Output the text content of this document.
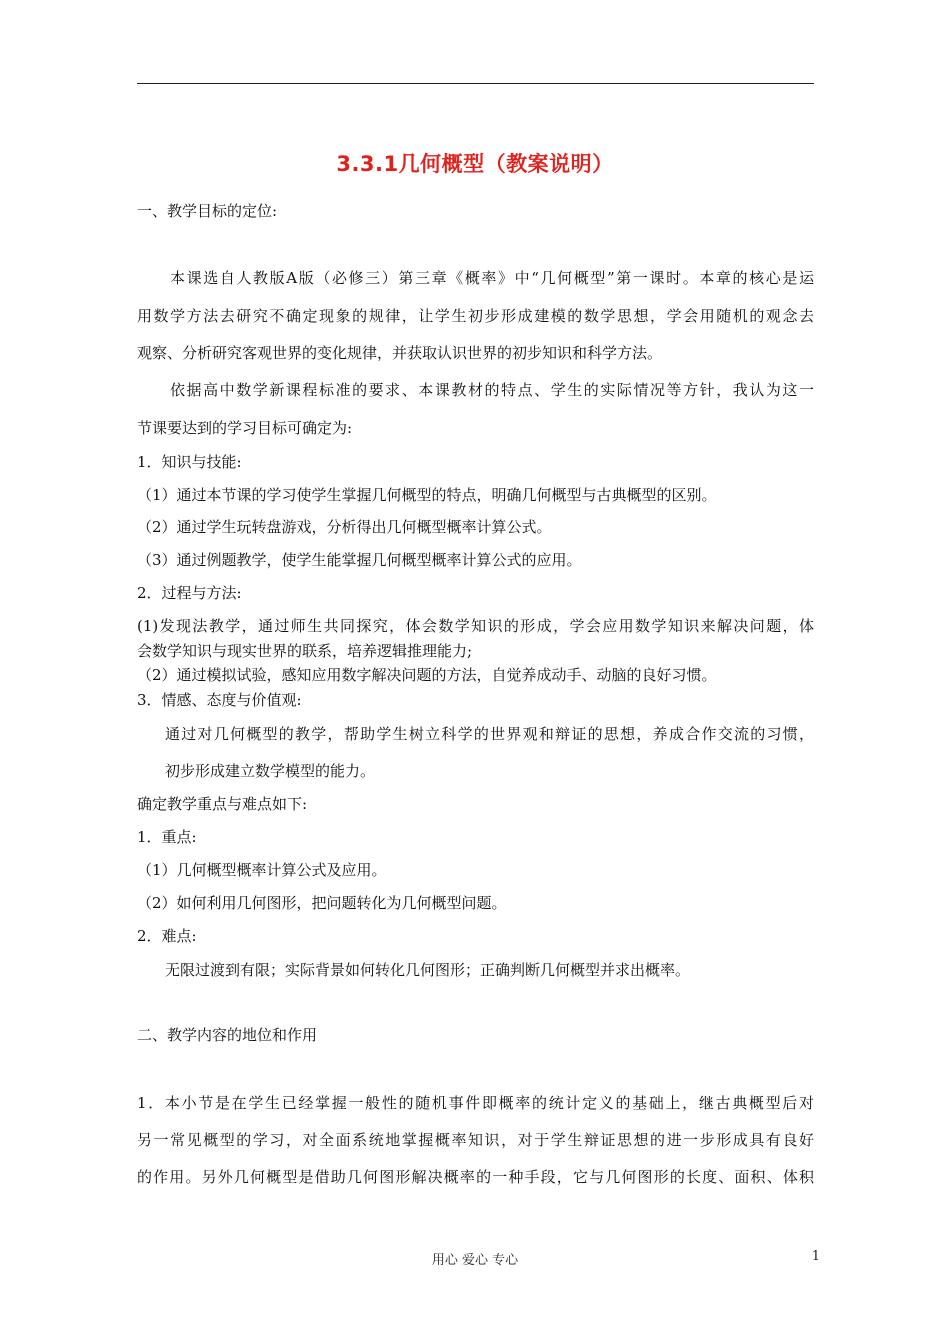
3.3.1几何概型（教案说明）
一、教学目标的定位:
本课选自人教版A版（必修三）第三章《概率》中“几何概型”第一课时。本章的核心是运
用数学方法去研究不确定现象的规律，让学生初步形成建模的数学思想，学会用随机的观念去
观察、分析研究客观世界的变化规律，并获取认识世界的初步知识和科学方法。
依据高中数学新课程标准的要求、本课教材的特点、学生的实际情况等方针，我认为这一
节课要达到的学习目标可确定为:
1．知识与技能:
（1）通过本节课的学习使学生掌握几何概型的特点，明确几何概型与古典概型的区别。
（2）通过学生玩转盘游戏，分析得出几何概型概率计算公式。
（3）通过例题教学，使学生能掌握几何概型概率计算公式的应用。
2．过程与方法:
(1)发现法教学，通过师生共同探究，体会数学知识的形成，学会应用数学知识来解决问题，体
会数学知识与现实世界的联系，培养逻辑推理能力;
（2）通过模拟试验，感知应用数字解决问题的方法，自觉养成动手、动脑的良好习惯。
3．情感、态度与价值观:
通过对几何概型的教学，帮助学生树立科学的世界观和辩证的思想，养成合作交流的习惯，
初步形成建立数学模型的能力。
确定教学重点与难点如下:
1．重点:
（1）几何概型概率计算公式及应用。
（2）如何利用几何图形，把问题转化为几何概型问题。
2．难点:
无限过渡到有限；实际背景如何转化几何图形；正确判断几何概型并求出概率。
二、教学内容的地位和作用
1．本小节是在学生已经掌握一般性的随机事件即概率的统计定义的基础上，继古典概型后对
另一常见概型的学习，对全面系统地掌握概率知识，对于学生辩证思想的进一步形成具有良好
的作用。另外几何概型是借助几何图形解决概率的一种手段，它与几何图形的长度、面积、体积
用心 爱心 专心	1
